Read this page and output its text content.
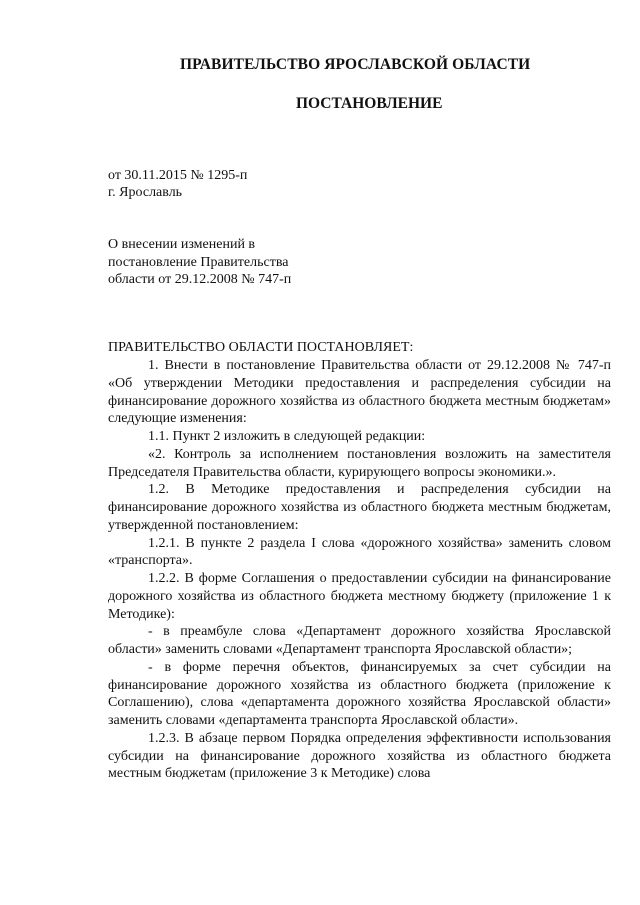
ПРАВИТЕЛЬСТВО ЯРОСЛАВСКОЙ ОБЛАСТИ
ПОСТАНОВЛЕНИЕ
от 30.11.2015 № 1295-п
г. Ярославль
О внесении изменений в
постановление Правительства
области от 29.12.2008 № 747-п
ПРАВИТЕЛЬСТВО ОБЛАСТИ ПОСТАНОВЛЯЕТ:

1. Внести в постановление Правительства области от 29.12.2008 № 747-п «Об утверждении Методики предоставления и распределения субсидии на финансирование дорожного хозяйства из областного бюджета местным бюджетам» следующие изменения:

1.1. Пункт 2 изложить в следующей редакции:

«2. Контроль за исполнением постановления возложить на заместителя Председателя Правительства области, курирующего вопросы экономики.».

1.2. В Методике предоставления и распределения субсидии на финансирование дорожного хозяйства из областного бюджета местным бюджетам, утвержденной постановлением:

1.2.1. В пункте 2 раздела I слова «дорожного хозяйства» заменить словом «транспорта».

1.2.2. В форме Соглашения о предоставлении субсидии на финансирование дорожного хозяйства из областного бюджета местному бюджету (приложение 1 к Методике):

- в преамбуле слова «Департамент дорожного хозяйства Ярославской области» заменить словами «Департамент транспорта Ярославской области»;

- в форме перечня объектов, финансируемых за счет субсидии на финансирование дорожного хозяйства из областного бюджета (приложение к Соглашению), слова «департамента дорожного хозяйства Ярославской области» заменить словами «департамента транспорта Ярославской области».

1.2.3. В абзаце первом Порядка определения эффективности использования субсидии на финансирование дорожного хозяйства из областного бюджета местным бюджетам (приложение 3 к Методике) слова
